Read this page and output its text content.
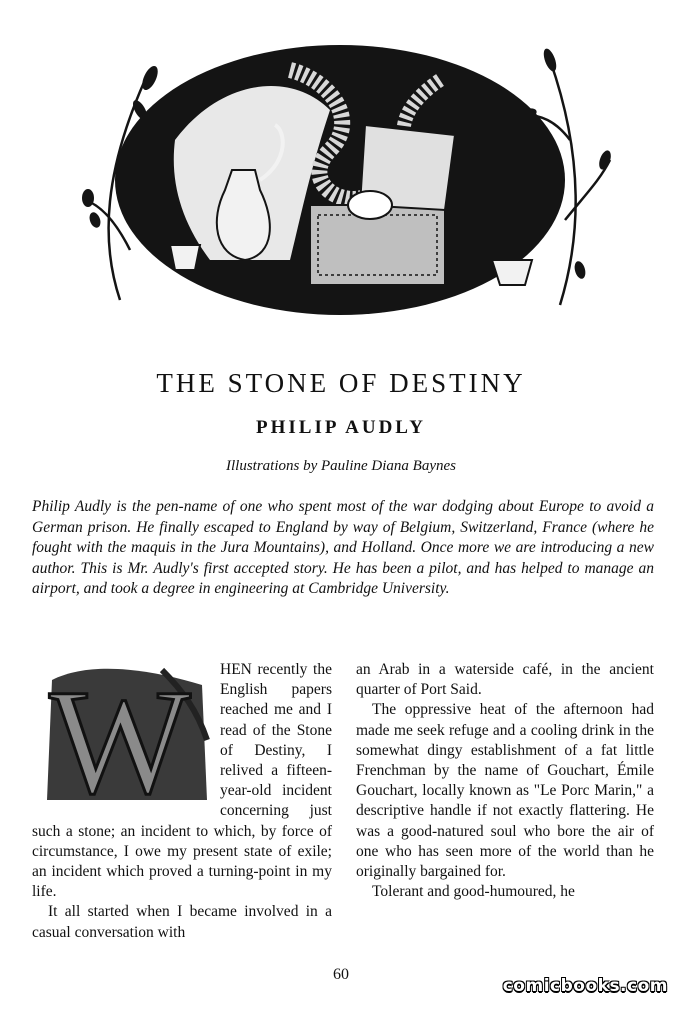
THE STONE OF DESTINY
PHILIP AUDLY

Illustrations by Pauline Diana Baynes

Philip Audly is the pen-name of one who spent most of the war dodging about Europe to avoid a German prison. He finally escaped to England by way of Belgium, Switzerland, France (where he fought with the maquis in the Jura Mountains), and Holland. Once more we are introducing a new author. This is Mr. Audly's first accepted story. He has been a pilot, and has helped to manage an airport, and took a degree in engineering at Cambridge University.

W	HEN recently the English papers reached me and I read of the Stone of Destiny, I relived a fifteen-year-old incident concerning just such a stone; an incident to which, by force of circumstance, I owe my present state of exile; an incident which proved a turning-point in my life.

It all started when I became involved in a casual conversation with

an Arab in a waterside café, in the ancient quarter of Port Said.

The oppressive heat of the afternoon had made me seek refuge and a cooling drink in the somewhat dingy establishment of a fat little Frenchman by the name of Gouchart, Émile Gouchart, locally known as "Le Porc Marin," a descriptive handle if not exactly flattering. He was a good-natured soul who bore the air of one who has seen more of the world than he originally bargained for.

Tolerant and good-humoured, he

60

comicbooks.com
